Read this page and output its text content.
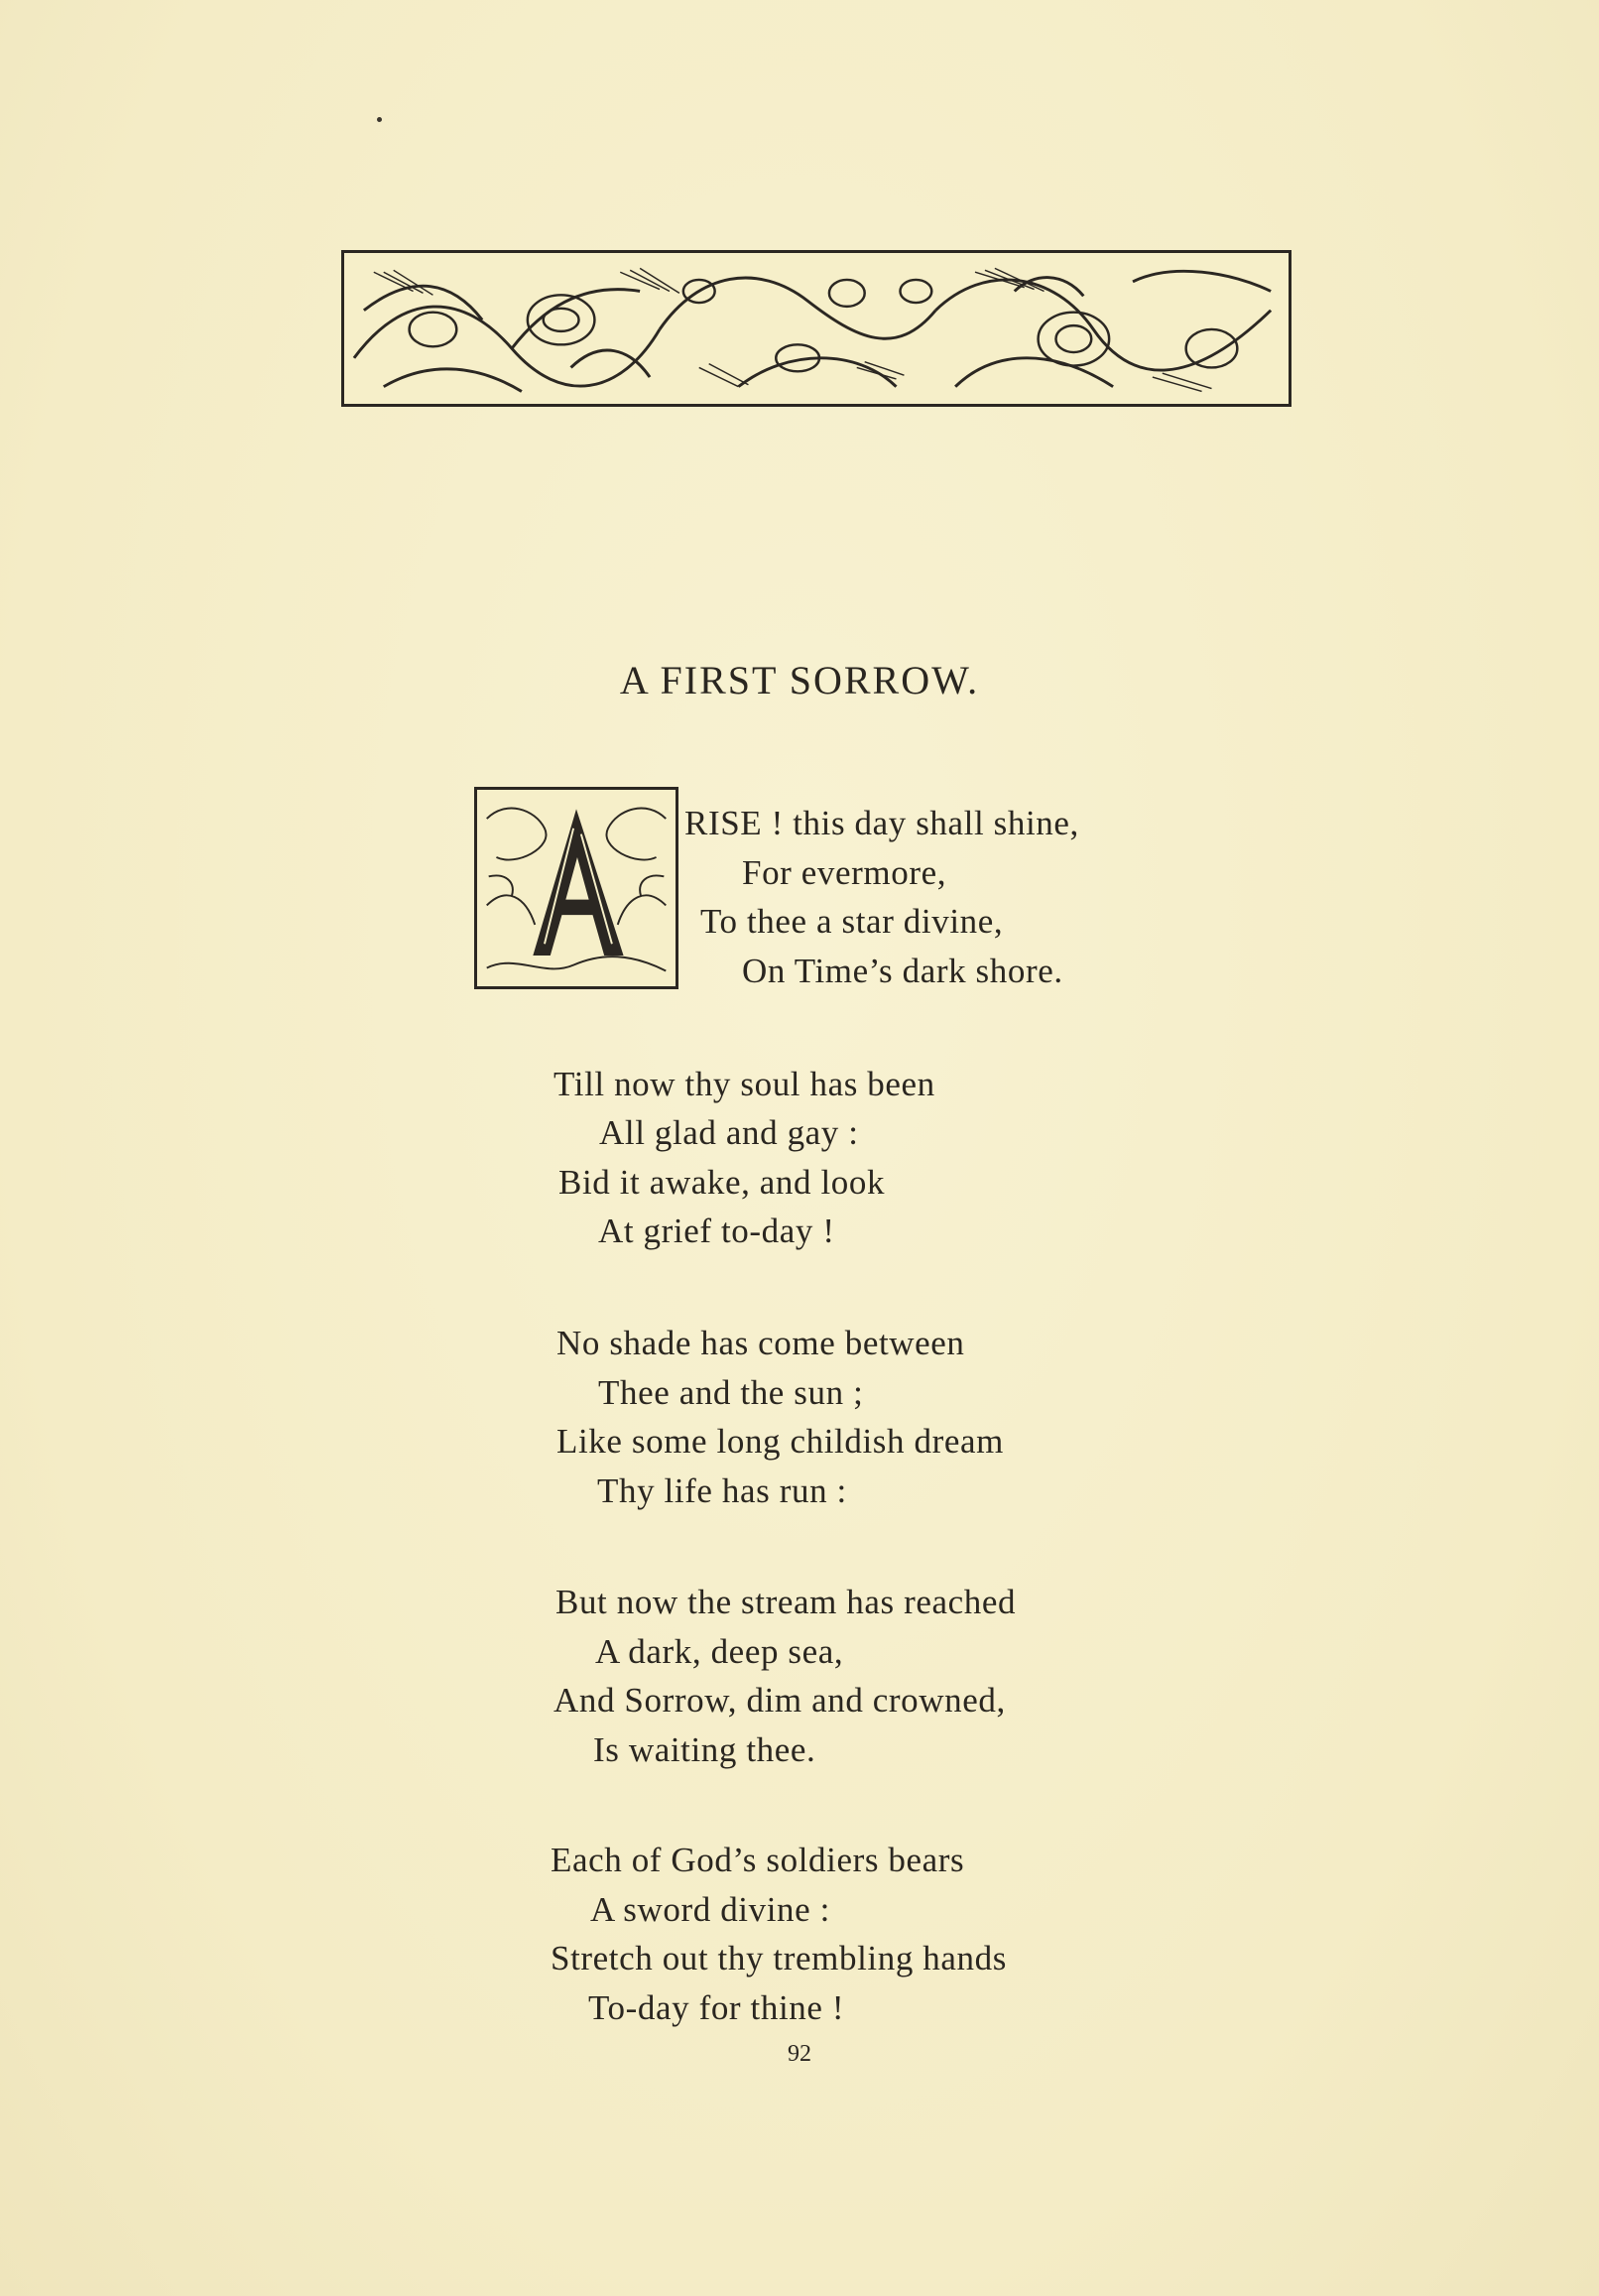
A FIRST SORROW.
RISE ! this day shall shine,
For evermore,
To thee a star divine,
On Time’s dark shore.
Till now thy soul has been
All glad and gay :
Bid it awake, and look
At grief to-day !
No shade has come between
Thee and the sun ;
Like some long childish dream
Thy life has run :
But now the stream has reached
A dark, deep sea,
And Sorrow, dim and crowned,
Is waiting thee.
Each of God’s soldiers bears
A sword divine :
Stretch out thy trembling hands
To-day for thine !
92
